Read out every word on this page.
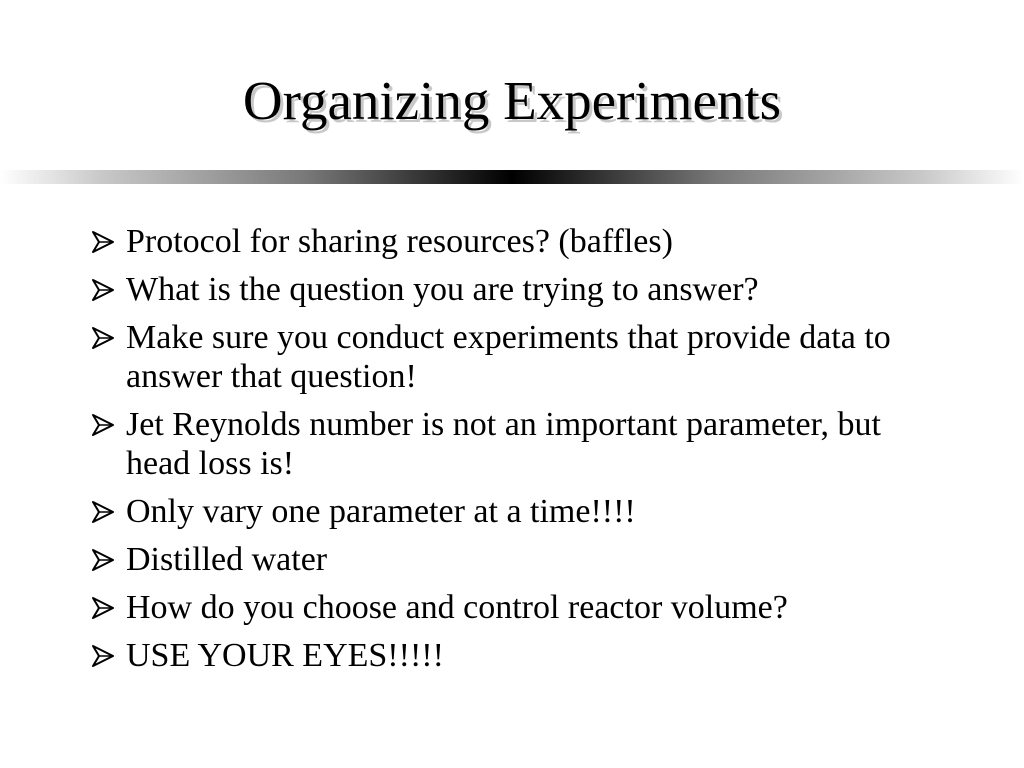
Organizing Experiments
Protocol for sharing resources? (baffles)
What is the question you are trying to answer?
Make sure you conduct experiments that provide data to answer that question!
Jet Reynolds number is not an important parameter, but head loss is!
Only vary one parameter at a time!!!!
Distilled water
How do you choose and control reactor volume?
USE YOUR EYES!!!!!
